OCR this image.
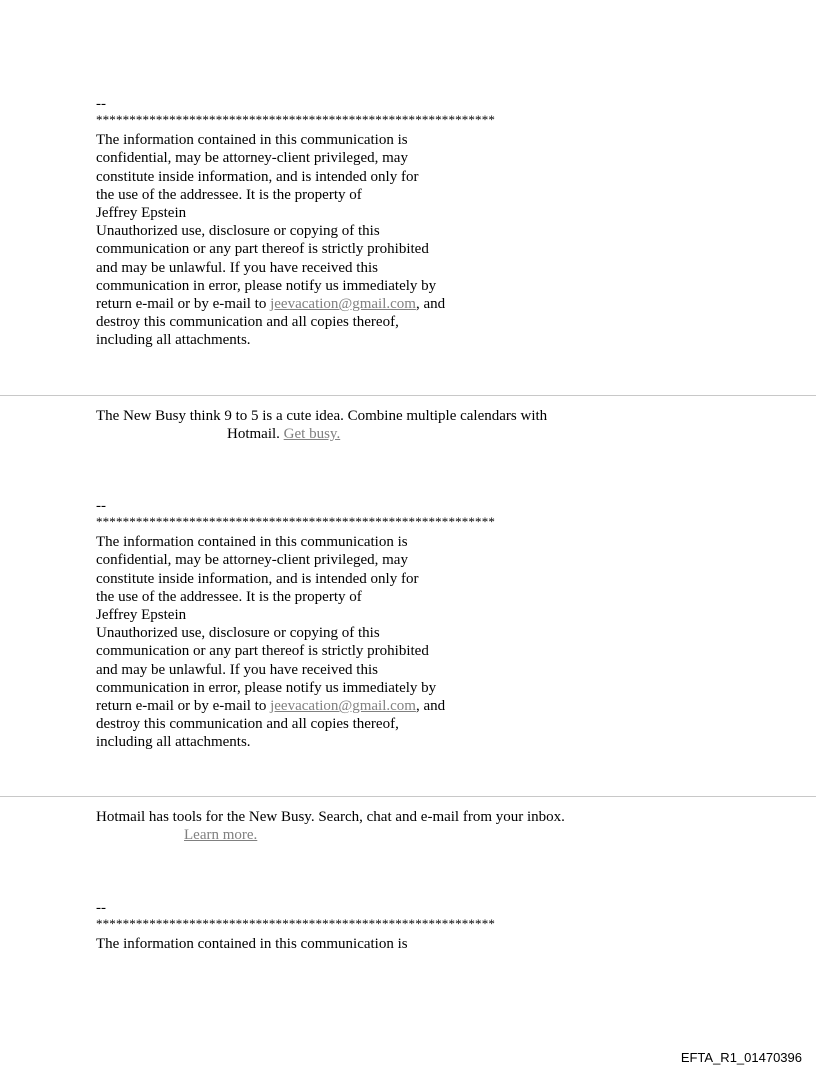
--
************************************************************
The information contained in this communication is
confidential, may be attorney-client privileged, may
constitute inside information, and is intended only for
the use of the addressee. It is the property of
Jeffrey Epstein
Unauthorized use, disclosure or copying of this
communication or any part thereof is strictly prohibited
and may be unlawful. If you have received this
communication in error, please notify us immediately by
return e-mail or by e-mail to jeevacation@gmail.com, and
destroy this communication and all copies thereof,
including all attachments.
The New Busy think 9 to 5 is a cute idea. Combine multiple calendars with
Hotmail. Get busy.
--
************************************************************
The information contained in this communication is
confidential, may be attorney-client privileged, may
constitute inside information, and is intended only for
the use of the addressee. It is the property of
Jeffrey Epstein
Unauthorized use, disclosure or copying of this
communication or any part thereof is strictly prohibited
and may be unlawful. If you have received this
communication in error, please notify us immediately by
return e-mail or by e-mail to jeevacation@gmail.com, and
destroy this communication and all copies thereof,
including all attachments.
Hotmail has tools for the New Busy. Search, chat and e-mail from your inbox.
Learn more.
--
************************************************************
The information contained in this communication is
EFTA_R1_01470396
